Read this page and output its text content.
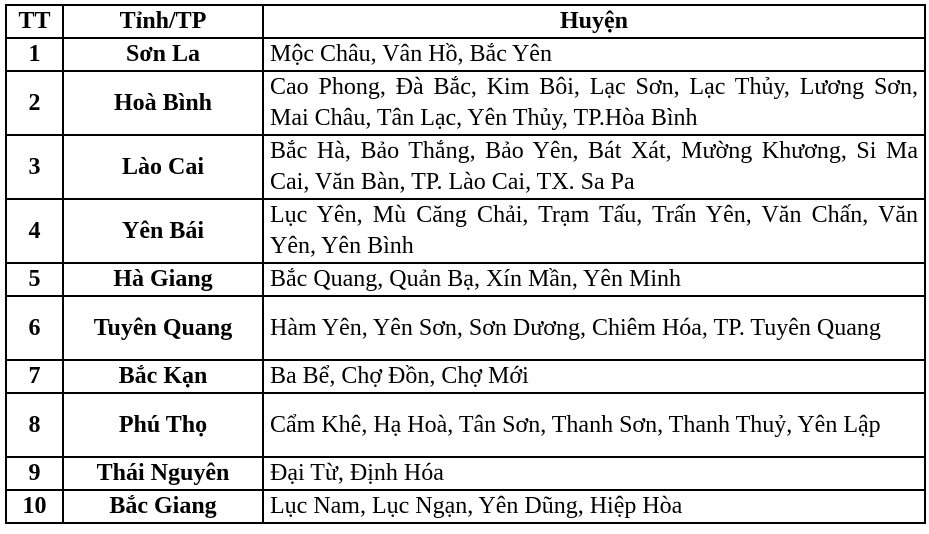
TT	Tỉnh/TP	Huyện
1	Sơn La	Mộc Châu, Vân Hồ, Bắc Yên
2	Hoà Bình	Cao Phong, Đà Bắc, Kim Bôi, Lạc Sơn, Lạc Thủy, Lương Sơn, Mai Châu, Tân Lạc, Yên Thủy, TP.Hòa Bình
3	Lào Cai	Bắc Hà, Bảo Thắng, Bảo Yên, Bát Xát, Mường Khương, Si Ma Cai, Văn Bàn, TP. Lào Cai, TX. Sa Pa
4	Yên Bái	Lục Yên, Mù Căng Chải, Trạm Tấu, Trấn Yên, Văn Chấn, Văn Yên, Yên Bình
5	Hà Giang	Bắc Quang, Quản Bạ, Xín Mần, Yên Minh
6	Tuyên Quang	Hàm Yên, Yên Sơn, Sơn Dương, Chiêm Hóa, TP. Tuyên Quang
7	Bắc Kạn	Ba Bể, Chợ Đồn, Chợ Mới
8	Phú Thọ	Cẩm Khê, Hạ Hoà, Tân Sơn, Thanh Sơn, Thanh Thuỷ, Yên Lập
9	Thái Nguyên	Đại Từ, Định Hóa
10	Bắc Giang	Lục Nam, Lục Ngạn, Yên Dũng, Hiệp Hòa
